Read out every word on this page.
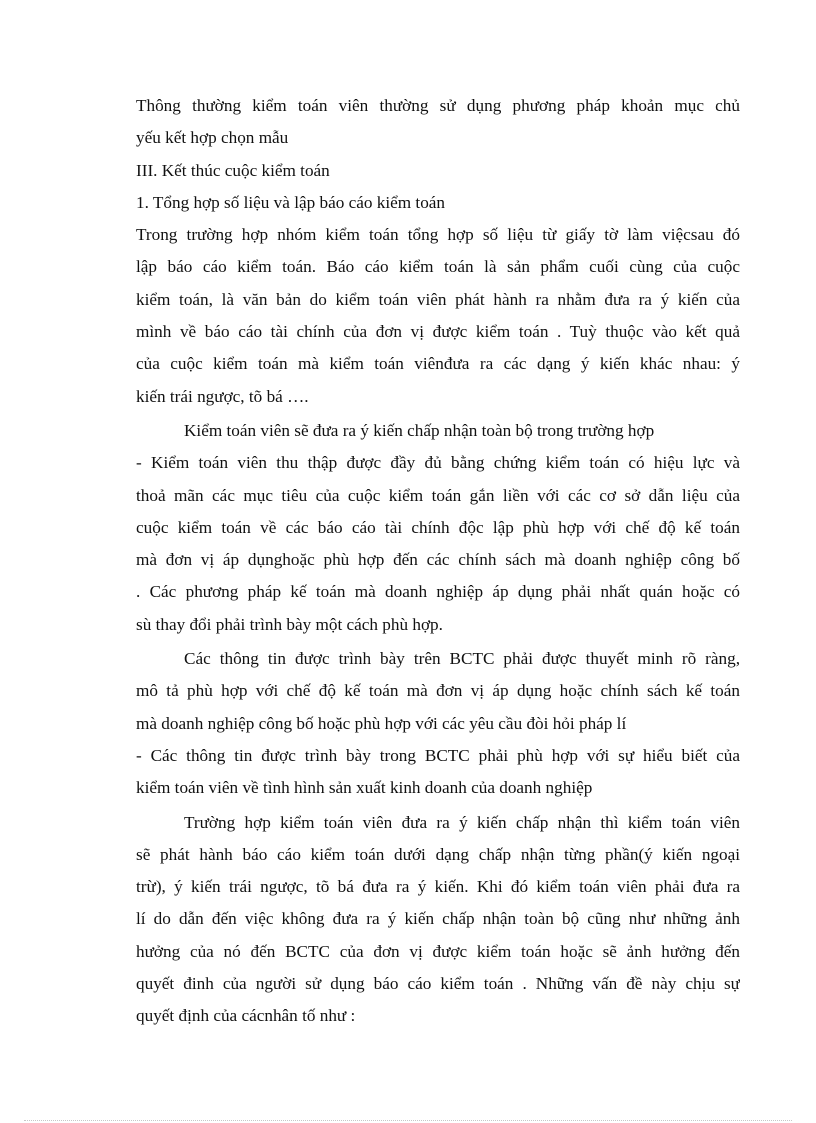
Thông thường kiểm toán viên thường sử dụng phương pháp khoản mục chủ
yếu kết hợp chọn mẫu
III. Kết thúc cuộc kiểm toán
1. Tổng hợp số liệu và lập báo cáo kiểm toán
Trong trường hợp nhóm kiểm toán tổng hợp số liệu từ giấy tờ làm việcsau đó
lập báo cáo kiểm toán. Báo cáo kiểm toán là sản phẩm cuối cùng của cuộc
kiểm toán, là văn bản do kiểm toán viên phát hành ra nhằm đưa ra ý kiến của
mình về báo cáo tài chính của đơn vị được kiểm toán . Tuỳ thuộc vào kết quả
của cuộc kiểm toán mà kiểm toán viênđưa ra các dạng ý kiến khác nhau: ý
kiến trái ngược, tõ bá ….
Kiểm toán viên sẽ đưa ra ý kiến chấp nhận toàn bộ trong trường hợp
- Kiểm toán viên thu thập được đầy đủ bằng chứng kiểm toán có hiệu lực và
thoả mãn các mục tiêu của cuộc kiểm toán gắn liền với các cơ sở dẫn liệu của
cuộc kiểm toán về các báo cáo tài chính độc lập phù hợp với chế độ kế toán
mà đơn vị áp dụnghoặc phù hợp đến các chính sách mà doanh nghiệp công bố
. Các phương pháp kế toán mà doanh nghiệp áp dụng phải nhất quán hoặc có
sù thay đổi phải trình bày một cách phù hợp.
Các thông tin được trình bày trên BCTC phải được thuyết minh rõ ràng,
mô tả phù hợp với chế độ kế toán mà đơn vị áp dụng hoặc chính sách kế toán
mà doanh nghiệp công bố hoặc phù hợp với các yêu cầu đòi hỏi pháp lí
- Các thông tin được trình bày trong BCTC phải phù hợp với sự hiểu biết của
kiểm toán viên về tình hình sản xuất kinh doanh của doanh nghiệp
Trường hợp kiểm toán viên đưa ra ý kiến chấp nhận thì kiểm toán viên
sẽ phát hành báo cáo kiểm toán dưới dạng chấp nhận từng phần(ý kiến ngoại
trừ), ý kiến trái ngược, tõ bá đưa ra ý kiến. Khi đó kiểm toán viên phải đưa ra
lí do dẫn đến việc không đưa ra ý kiến chấp nhận toàn bộ cũng như những ảnh
hưởng của nó đến BCTC của đơn vị được kiểm toán hoặc sẽ ảnh hưởng đến
quyết đinh của người sử dụng báo cáo kiểm toán . Những vấn đề này chịu sự
quyết định của cácnhân tố như :
